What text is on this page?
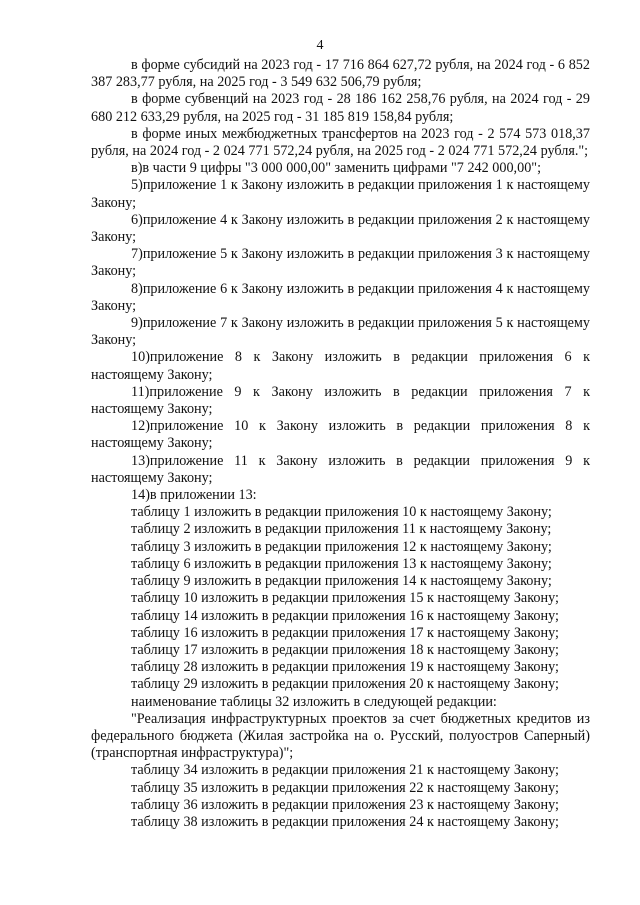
4

в форме субсидий на 2023 год - 17 716 864 627,72 рубля, на 2024 год - 6 852 387 283,77 рубля, на 2025 год - 3 549 632 506,79 рубля;

в форме субвенций на 2023 год - 28 186 162 258,76 рубля, на 2024 год - 29 680 212 633,29 рубля, на 2025 год - 31 185 819 158,84 рубля;

в форме иных межбюджетных трансфертов на 2023 год - 2 574 573 018,37 рубля, на 2024 год - 2 024 771 572,24 рубля, на 2025 год - 2 024 771 572,24 рубля.";

в)в части 9 цифры "3 000 000,00" заменить цифрами "7 242 000,00";

5)приложение 1 к Закону изложить в редакции приложения 1 к настоящему Закону;

6)приложение 4 к Закону изложить в редакции приложения 2 к настоящему Закону;

7)приложение 5 к Закону изложить в редакции приложения 3 к настоящему Закону;

8)приложение 6 к Закону изложить в редакции приложения 4 к настоящему Закону;

9)приложение 7 к Закону изложить в редакции приложения 5 к настоящему Закону;

10)приложение 8 к Закону изложить в редакции приложения 6 к настоящему Закону;

11)приложение 9 к Закону изложить в редакции приложения 7 к настоящему Закону;

12)приложение 10 к Закону изложить в редакции приложения 8 к настоящему Закону;

13)приложение 11 к Закону изложить в редакции приложения 9 к настоящему Закону;

14)в приложении 13:

таблицу 1 изложить в редакции приложения 10 к настоящему Закону;

таблицу 2 изложить в редакции приложения 11 к настоящему Закону;

таблицу 3 изложить в редакции приложения 12 к настоящему Закону;

таблицу 6 изложить в редакции приложения 13 к настоящему Закону;

таблицу 9 изложить в редакции приложения 14 к настоящему Закону;

таблицу 10 изложить в редакции приложения 15 к настоящему Закону;

таблицу 14 изложить в редакции приложения 16 к настоящему Закону;

таблицу 16 изложить в редакции приложения 17 к настоящему Закону;

таблицу 17 изложить в редакции приложения 18 к настоящему Закону;

таблицу 28 изложить в редакции приложения 19 к настоящему Закону;

таблицу 29 изложить в редакции приложения 20 к настоящему Закону;

наименование таблицы 32 изложить в следующей редакции:

"Реализация инфраструктурных проектов за счет бюджетных кредитов из федерального бюджета (Жилая застройка на о. Русский, полуостров Саперный) (транспортная инфраструктура)";

таблицу 34 изложить в редакции приложения 21 к настоящему Закону;

таблицу 35 изложить в редакции приложения 22 к настоящему Закону;

таблицу 36 изложить в редакции приложения 23 к настоящему Закону;

таблицу 38 изложить в редакции приложения 24 к настоящему Закону;
